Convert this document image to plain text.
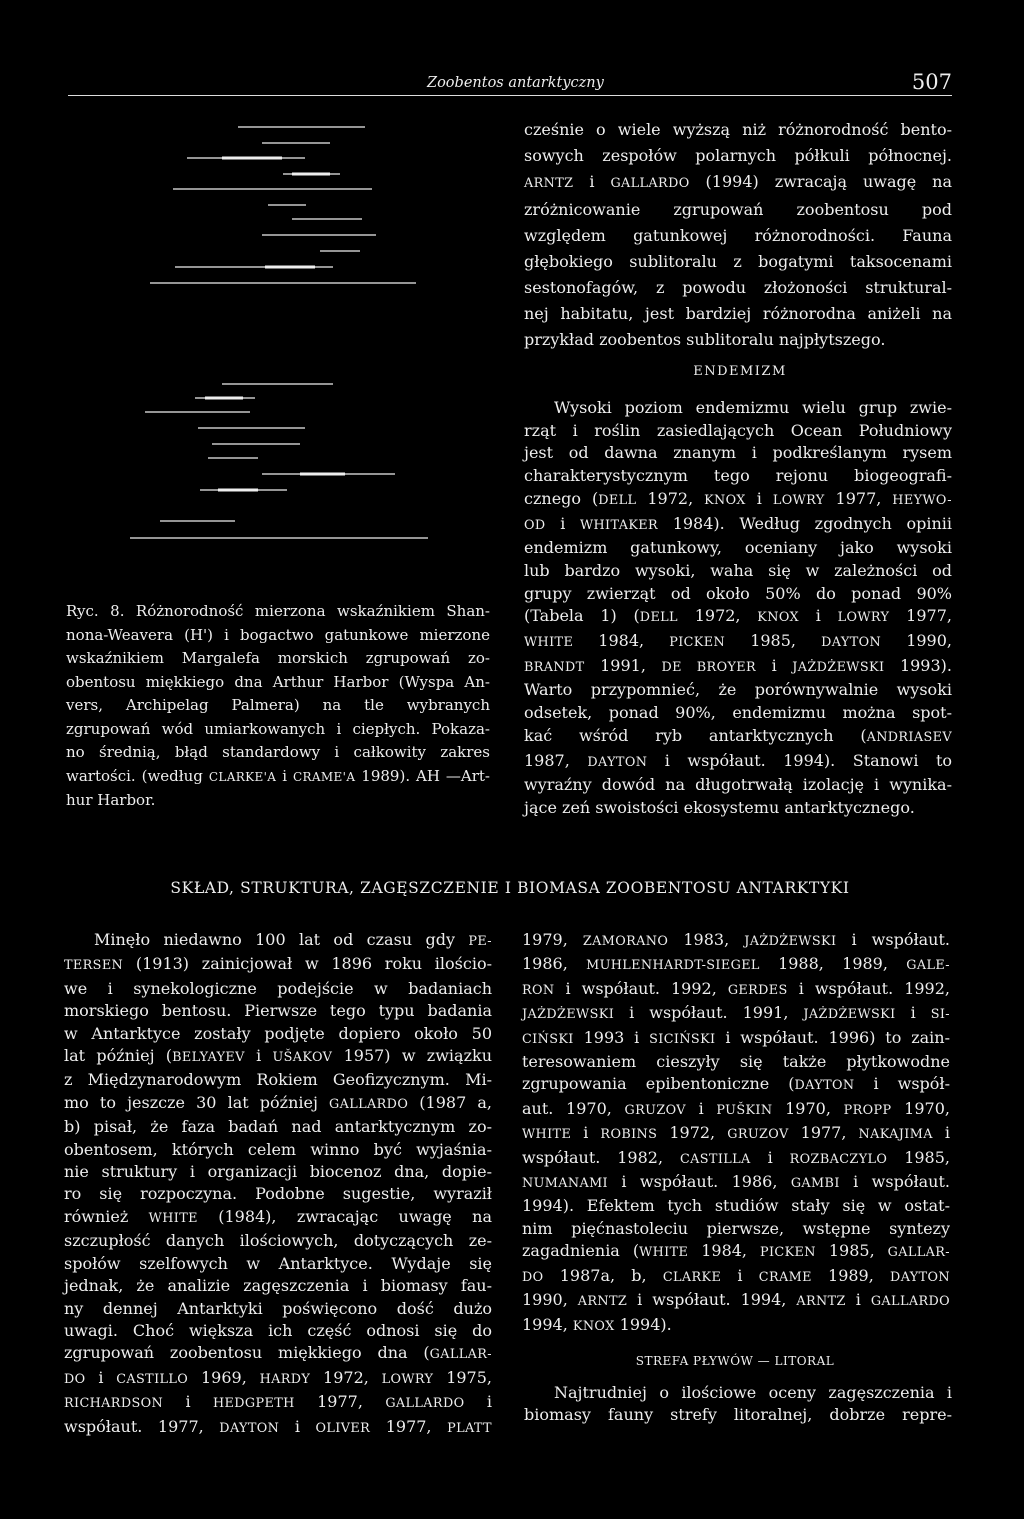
Zoobentos antarktyczny	507
cześnie o wiele wyższą niż różnorodność bento-
sowych zespołów polarnych półkuli północnej.
ARNTZ i GALLARDO (1994) zwracają uwagę na
zróżnicowanie zgrupowań zoobentosu pod
względem gatunkowej różnorodności. Fauna
głębokiego sublitoralu z bogatymi taksocenami
sestonofagów, z powodu złożoności struktural-
nej habitatu, jest bardziej różnorodna aniżeli na
przykład zoobentos sublitoralu najpłytszego.
ENDEMIZM
Wysoki poziom endemizmu wielu grup zwie-
rząt i roślin zasiedlających Ocean Południowy
jest od dawna znanym i podkreślanym rysem
charakterystycznym tego rejonu biogeografi-
cznego (DELL 1972, KNOX i LOWRY 1977, HEYWO-
OD i WHITAKER 1984). Według zgodnych opinii
endemizm gatunkowy, oceniany jako wysoki
lub bardzo wysoki, waha się w zależności od
grupy zwierząt od około 50% do ponad 90%
(Tabela 1) (DELL 1972, KNOX i LOWRY 1977,
WHITE 1984, PICKEN 1985, DAYTON 1990,
BRANDT 1991, DE BROYER i JAŻDŻEWSKI 1993).
Warto przypomnieć, że porównywalnie wysoki
odsetek, ponad 90%, endemizmu można spot-
kać wśród ryb antarktycznych (ANDRIASEV
1987, DAYTON i współaut. 1994). Stanowi to
wyraźny dowód na długotrwałą izolację i wynika-
jące zeń swoistości ekosystemu antarktycznego.
Ryc. 8. Różnorodność mierzona wskaźnikiem Shan-
nona-Weavera (H') i bogactwo gatunkowe mierzone
wskaźnikiem Margalefa morskich zgrupowań zo-
obentosu miękkiego dna Arthur Harbor (Wyspa An-
vers, Archipelag Palmera) na tle wybranych
zgrupowań wód umiarkowanych i ciepłych. Pokaza-
no średnią, błąd standardowy i całkowity zakres
wartości. (według CLARKE'A i CRAME'A 1989). AH —Art-
hur Harbor.
SKŁAD, STRUKTURA, ZAGĘSZCZENIE I BIOMASA ZOOBENTOSU ANTARKTYKI
Minęło niedawno 100 lat od czasu gdy PE-
TERSEN (1913) zainicjował w 1896 roku ilościo-
we i synekologiczne podejście w badaniach
morskiego bentosu. Pierwsze tego typu badania
w Antarktyce zostały podjęte dopiero około 50
lat później (BELYAYEV i UŠAKOV 1957) w związku
z Międzynarodowym Rokiem Geofizycznym. Mi-
mo to jeszcze 30 lat później GALLARDO (1987 a,
b) pisał, że faza badań nad antarktycznym zo-
obentosem, których celem winno być wyjaśnia-
nie struktury i organizacji biocenoz dna, dopie-
ro się rozpoczyna. Podobne sugestie, wyraził
również WHITE (1984), zwracając uwagę na
szczupłość danych ilościowych, dotyczących ze-
społów szelfowych w Antarktyce. Wydaje się
jednak, że analizie zagęszczenia i biomasy fau-
ny dennej Antarktyki poświęcono dość dużo
uwagi. Choć większa ich część odnosi się do
zgrupowań zoobentosu miękkiego dna (GALLAR-
DO i CASTILLO 1969, HARDY 1972, LOWRY 1975,
RICHARDSON i HEDGPETH 1977, GALLARDO i
współaut. 1977, DAYTON i OLIVER 1977, PLATT
1979, ZAMORANO 1983, JAŻDŻEWSKI i współaut.
1986, MUHLENHARDT-SIEGEL 1988, 1989, GALE-
RON i współaut. 1992, GERDES i współaut. 1992,
JAŻDŻEWSKI i współaut. 1991, JAŻDŻEWSKI i SI-
CIŃSKI 1993 i SICIŃSKI i współaut. 1996) to zain-
teresowaniem cieszyły się także płytkowodne
zgrupowania epibentoniczne (DAYTON i współ-
aut. 1970, GRUZOV i PUŠKIN 1970, PROPP 1970,
WHITE i ROBINS 1972, GRUZOV 1977, NAKAJIMA i
współaut. 1982, CASTILLA i ROZBACZYLO 1985,
NUMANAMI i współaut. 1986, GAMBI i współaut.
1994). Efektem tych studiów stały się w ostat-
nim pięćnastoleciu pierwsze, wstępne syntezy
zagadnienia (WHITE 1984, PICKEN 1985, GALLAR-
DO 1987a, b, CLARKE i CRAME 1989, DAYTON
1990, ARNTZ i współaut. 1994, ARNTZ i GALLARDO
1994, KNOX 1994).
STREFA PŁYWÓW — LITORAL
Najtrudniej o ilościowe oceny zagęszczenia i
biomasy fauny strefy litoralnej, dobrze repre-
